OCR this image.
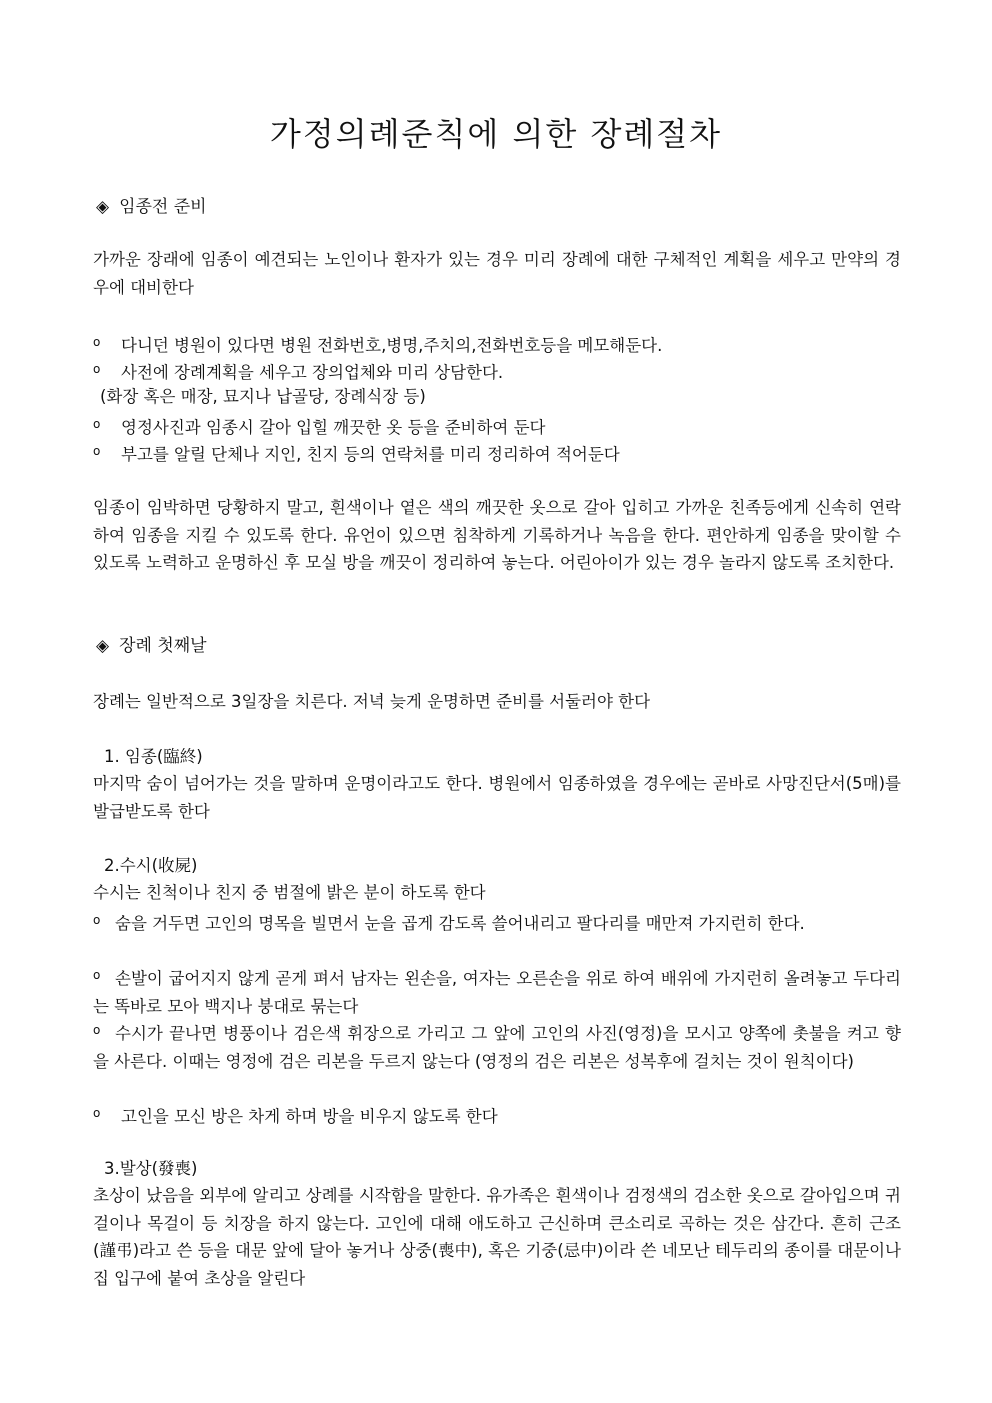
가정의례준칙에 의한 장례절차
◈ 임종전 준비

가까운 장래에 임종이 예견되는 노인이나 환자가 있는 경우 미리 장례에 대한 구체적인 계획을 세우고 만약의 경우에 대비한다

o 다니던 병원이 있다면 병원 전화번호,병명,주치의,전화번호등을 메모해둔다.
o 사전에 장례계획을 세우고 장의업체와 미리 상담한다.
(화장 혹은 매장, 묘지나 납골당, 장례식장 등)
o 영정사진과 임종시 갈아 입힐 깨끗한 옷 등을 준비하여 둔다
o 부고를 알릴 단체나 지인, 친지 등의 연락처를 미리 정리하여 적어둔다

임종이 임박하면 당황하지 말고, 흰색이나 옅은 색의 깨끗한 옷으로 갈아 입히고 가까운 친족등에게 신속히 연락하여 임종을 지킬 수 있도록 한다. 유언이 있으면 침착하게 기록하거나 녹음을 한다. 편안하게 임종을 맞이할 수 있도록 노력하고 운명하신 후 모실 방을 깨끗이 정리하여 놓는다. 어린아이가 있는 경우 놀라지 않도록 조치한다.

◈ 장례 첫째날
장례는 일반적으로 3일장을 치른다. 저녁 늦게 운명하면 준비를 서둘러야 한다
1. 임종(臨終)

마지막 숨이 넘어가는 것을 말하며 운명이라고도 한다. 병원에서 임종하였을 경우에는 곧바로 사망진단서(5매)를 발급받도록 한다

2.수시(收屍)
수시는 친척이나 친지 중 범절에 밝은 분이 하도록 한다

o 숨을 거두면 고인의 명목을 빌면서 눈을 곱게 감도록 쓸어내리고 팔다리를 매만져 가지런히 한다.

o 손발이 굽어지지 않게 곧게 펴서 남자는 왼손을, 여자는 오른손을 위로 하여 배위에 가지런히 올려놓고 두다리는 똑바로 모아 백지나 붕대로 묶는다

o 수시가 끝나면 병풍이나 검은색 휘장으로 가리고 그 앞에 고인의 사진(영정)을 모시고 양쪽에 촛불을 켜고 향을 사른다. 이때는 영정에 검은 리본을 두르지 않는다 (영정의 검은 리본은 성복후에 걸치는 것이 원칙이다)

o 고인을 모신 방은 차게 하며 방을 비우지 않도록 한다
3.발상(發喪)

초상이 났음을 외부에 알리고 상례를 시작함을 말한다. 유가족은 흰색이나 검정색의 검소한 옷으로 갈아입으며 귀걸이나 목걸이 등 치장을 하지 않는다. 고인에 대해 애도하고 근신하며 큰소리로 곡하는 것은 삼간다. 흔히 근조(謹弔)라고 쓴 등을 대문 앞에 달아 놓거나 상중(喪中), 혹은 기중(忌中)이라 쓴 네모난 테두리의 종이를 대문이나 집 입구에 붙여 초상을 알린다
